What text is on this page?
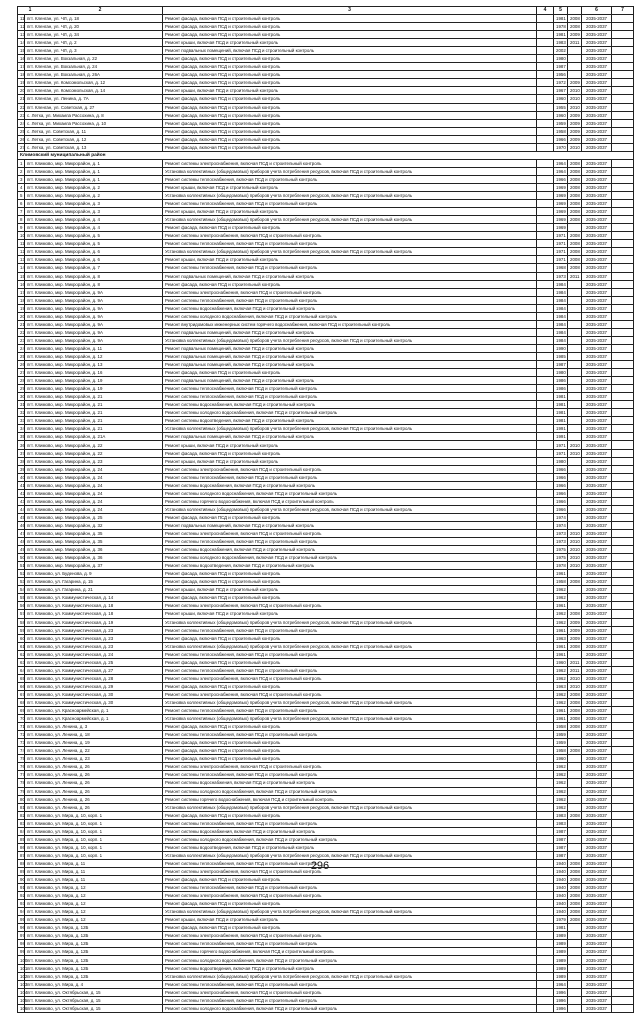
1 2		3	4	5		6	7
11	пгт. Кленган, ул. ЧЛ, д. 18	Ремонт фасада, включая ПСД и строительный контроль		1981	2008	2035-2037	
12	пгт. Кленган, ул. ЧЛ, д. 20	Ремонт фасада, включая ПСД и строительный контроль		1978	2008	2035-2037	
13	пгт. Кленган, ул. ЧЛ, д. 34	Ремонт фасада, включая ПСД и строительный контроль		1981	2009	2035-2037	
14	пгт. Кленган, ул. ЧЛ, д. 2	Ремонт крыши, включая ПСД и строительный контроль		1983	2011	2035-2037	
15	пгт. Кленган, ул. ЧЛ, д. 3	Ремонт подвальных помещений, включая ПСД и строительный контроль		2002		2035-2037	
16	пгт. Кленган, ул. Вокзальная, д. 22	Ремонт фасада, включая ПСД и строительный контроль		1980		2035-2037	
17	пгт. Кленган, ул. Вокзальная, д. 24	Ремонт фасада, включая ПСД и строительный контроль		1987		2035-2037	
18	пгт. Кленган, ул. Вокзальная, д. 26А	Ремонт фасада, включая ПСД и строительный контроль		1956		2035-2037	
19	пгт. Кленган, ул. Комсомольская, д. 12	Ремонт фасада, включая ПСД и строительный контроль		1972	2009	2035-2037	
20	пгт. Кленган, ул. Комсомольская, д. 14	Ремонт крыши, включая ПСД и строительный контроль		1967	2010	2035-2037	
21	пгт. Кленган, ул. Ленина, д. 7А	Ремонт фасада, включая ПСД и строительный контроль		1960	2010	2035-2037	
22	пгт. Кленган, ул. Советская, д. 27	Ремонт фасада, включая ПСД и строительный контроль		1955	2010	2035-2037	
23	с. Летка, ул. Михаила Рассохина, д. 8	Ремонт фасада, включая ПСД и строительный контроль		1960	2009	2035-2037	
24	с. Летка, ул. Михаила Рассохина, д. 10	Ремонт фасада, включая ПСД и строительный контроль		1959	2009	2035-2037	
25	с. Летка, ул. Советская, д. 11	Ремонт фасада, включая ПСД и строительный контроль		1958	2009	2035-2037	
26	с. Летка, ул. Советская, д. 12	Ремонт фасада, включая ПСД и строительный контроль		1966	2009	2035-2037	
27	с. Летка, ул. Советская, д. 13	Ремонт фасада, включая ПСД и строительный контроль		1970	2010	2035-2037	
Климовский муниципальный район							
1	пгт. Климово, мкр. Микрорайон, д. 1	Ремонт системы электроснабжения, включая ПСД и строительный контроль		1964	2008	2035-2037	
2	пгт. Климово, мкр. Микрорайон, д. 1	Установка коллективных (общедомовых) приборов учета потребления ресурсов, включая ПСД и строительный контроль		1964	2008	2035-2037	
3	пгт. Климово, мкр. Микрорайон, д. 1	Ремонт системы теплоснабжения, включая ПСД и строительный контроль		1966	2008	2035-2037	
4	пгт. Климово, мкр. Микрорайон, д. 2	Ремонт крыши, включая ПСД и строительный контроль		1969	2008	2035-2037	
5	пгт. Климово, мкр. Микрорайон, д. 2	Установка коллективных (общедомовых) приборов учета потребления ресурсов, включая ПСД и строительный контроль		1969	2008	2035-2037	
6	пгт. Климово, мкр. Микрорайон, д. 3	Ремонт системы теплоснабжения, включая ПСД и строительный контроль		1969	2008	2035-2037	
7	пгт. Климово, мкр. Микрорайон, д. 3	Ремонт крыши, включая ПСД и строительный контроль		1969	2008	2035-2037	
8	пгт. Климово, мкр. Микрорайон, д. 4	Установка коллективных (общедомовых) приборов учета потребления ресурсов, включая ПСД и строительный контроль		1969	2008	2035-2037	
9	пгт. Климово, мкр. Микрорайон, д. 4	Ремонт фасада, включая ПСД и строительный контроль		1969		2035-2037	
10	пгт. Климово, мкр. Микрорайон, д. 5	Ремонт системы электроснабжения, включая ПСД и строительный контроль		1971	2008	2035-2037	
11	пгт. Климово, мкр. Микрорайон, д. 5	Ремонт системы теплоснабжения, включая ПСД и строительный контроль		1971	2008	2035-2037	
12	пгт. Климово, мкр. Микрорайон, д. 6	Установка коллективных (общедомовых) приборов учета потребления ресурсов, включая ПСД и строительный контроль		1971	2008	2035-2037	
13	пгт. Климово, мкр. Микрорайон, д. 6	Ремонт крыши, включая ПСД и строительный контроль		1971	2008	2035-2037	
14	пгт. Климово, мкр. Микрорайон, д. 7	Ремонт системы теплоснабжения, включая ПСД и строительный контроль		1968	2008	2035-2037	
15	пгт. Климово, мкр. Микрорайон, д. 8	Ремонт подвальных помещений, включая ПСД и строительный контроль		1973	2011	2035-2037	
16	пгт. Климово, мкр. Микрорайон, д. 8	Ремонт фасада, включая ПСД и строительный контроль		1984		2035-2037	
17	пгт. Климово, мкр. Микрорайон, д. 9А	Ремонт системы электроснабжения, включая ПСД и строительный контроль		1984		2035-2037	
18	пгт. Климово, мкр. Микрорайон, д. 9А	Ремонт системы теплоснабжения, включая ПСД и строительный контроль		1984		2035-2037	
19	пгт. Климово, мкр. Микрорайон, д. 9А	Ремонт системы водоснабжения, включая ПСД и строительный контроль		1984		2035-2037	
20	пгт. Климово, мкр. Микрорайон, д. 9А	Ремонт системы холодного водоснабжения, включая ПСД и строительный контроль		1984		2035-2037	
21	пгт. Климово, мкр. Микрорайон, д. 9А	Ремонт внутридомовых инженерных систем горячего водоснабжения, включая ПСД и строительный контроль		1984		2035-2037	
22	пгт. Климово, мкр. Микрорайон, д. 9А	Ремонт подвальных помещений, включая ПСД и строительный контроль		1984		2035-2037	
23	пгт. Климово, мкр. Микрорайон, д. 9А	Установка коллективных (общедомовых) приборов учета потребления ресурсов, включая ПСД и строительный контроль		1984		2035-2037	
24	пгт. Климово, мкр. Микрорайон, д. 11	Ремонт подвальных помещений, включая ПСД и строительный контроль		1990		2035-2037	
25	пгт. Климово, мкр. Микрорайон, д. 12	Ремонт подвальных помещений, включая ПСД и строительный контроль		1985		2035-2037	
26	пгт. Климово, мкр. Микрорайон, д. 13	Ремонт подвальных помещений, включая ПСД и строительный контроль		1987		2035-2037	
27	пгт. Климово, мкр. Микрорайон, д. 16	Ремонт фасада, включая ПСД и строительный контроль		1980		2035-2037	
28	пгт. Климово, мкр. Микрорайон, д. 19	Ремонт подвальных помещений, включая ПСД и строительный контроль		1986		2035-2037	
29	пгт. Климово, мкр. Микрорайон, д. 19	Ремонт системы теплоснабжения, включая ПСД и строительный контроль		1986		2035-2037	
30	пгт. Климово, мкр. Микрорайон, д. 21	Ремонт системы теплоснабжения, включая ПСД и строительный контроль		1981		2035-2037	
31	пгт. Климово, мкр. Микрорайон, д. 21	Ремонт системы водоснабжения, включая ПСД и строительный контроль		1981		2035-2037	
32	пгт. Климово, мкр. Микрорайон, д. 21	Ремонт системы холодного водоснабжения, включая ПСД и строительный контроль		1981		2035-2037	
33	пгт. Климово, мкр. Микрорайон, д. 21	Ремонт системы водоотведения, включая ПСД и строительный контроль		1981		2035-2037	
34	пгт. Климово, мкр. Микрорайон, д. 21	Установка коллективных (общедомовых) приборов учета потребления ресурсов, включая ПСД и строительный контроль		1991		2035-2037	
35	пгт. Климово, мкр. Микрорайон, д. 21А	Ремонт подвальных помещений, включая ПСД и строительный контроль		1991		2035-2037	
36	пгт. Климово, мкр. Микрорайон, д. 22	Ремонт крыши, включая ПСД и строительный контроль		1971	2010	2035-2037	
37	пгт. Климово, мкр. Микрорайон, д. 22	Ремонт фасада, включая ПСД и строительный контроль		1971	2010	2035-2037	
38	пгт. Климово, мкр. Микрорайон, д. 23	Ремонт крыши, включая ПСД и строительный контроль		1980		2035-2037	
39	пгт. Климово, мкр. Микрорайон, д. 24	Ремонт системы электроснабжения, включая ПСД и строительный контроль		1966		2035-2037	
40	пгт. Климово, мкр. Микрорайон, д. 24	Ремонт системы теплоснабжения, включая ПСД и строительный контроль		1966		2035-2037	
41	пгт. Климово, мкр. Микрорайон, д. 24	Ремонт системы водоснабжения, включая ПСД и строительный контроль		1966		2035-2037	
42	пгт. Климово, мкр. Микрорайон, д. 24	Ремонт системы холодного водоснабжения, включая ПСД и строительный контроль		1966		2035-2037	
43	пгт. Климово, мкр. Микрорайон, д. 24	Ремонт системы горячего водоснабжения, включая ПСД и строительный контроль		1966		2035-2037	
44	пгт. Климово, мкр. Микрорайон, д. 24	Установка коллективных (общедомовых) приборов учета потребления ресурсов, включая ПСД и строительный контроль		1966		2035-2037	
45	пгт. Климово, мкр. Микрорайон, д. 25	Ремонт фасада, включая ПСД и строительный контроль		1974		2035-2037	
46	пгт. Климово, мкр. Микрорайон, д. 32	Ремонт подвальных помещений, включая ПСД и строительный контроль		1974		2035-2037	
47	пгт. Климово, мкр. Микрорайон, д. 35	Ремонт системы электроснабжения, включая ПСД и строительный контроль		1973	2010	2035-2037	
48	пгт. Климово, мкр. Микрорайон, д. 35	Ремонт системы теплоснабжения, включая ПСД и строительный контроль		1973	2010	2035-2037	
49	пгт. Климово, мкр. Микрорайон, д. 36	Ремонт системы водоснабжения, включая ПСД и строительный контроль		1975	2010	2035-2037	
50	пгт. Климово, мкр. Микрорайон, д. 36	Ремонт системы холодного водоснабжения, включая ПСД и строительный контроль		1975	2010	2035-2037	
51	пгт. Климово, мкр. Микрорайон, д. 37	Ремонт системы водоотведения, включая ПСД и строительный контроль		1978	2010	2035-2037	
52	пгт. Климово, ул. Буденова, д. 9	Ремонт фасада, включая ПСД и строительный контроль		1961		2035-2037	
53	пгт. Климово, ул. Гагарина, д. 15	Ремонт фасада, включая ПСД и строительный контроль		1958	2008	2035-2037	
54	пгт. Климово, ул. Гагарина, д. 21	Ремонт крыши, включая ПСД и строительный контроль		1962		2035-2037	
55	пгт. Климово, ул. Коммунистическая, д. 14	Ремонт фасада, включая ПСД и строительный контроль		1962		2035-2037	
56	пгт. Климово, ул. Коммунистическая, д. 18	Ремонт системы электроснабжения, включая ПСД и строительный контроль		1961		2035-2037	
57	пгт. Климово, ул. Коммунистическая, д. 18	Ремонт крыши, включая ПСД и строительный контроль		1962	2008	2035-2037	
58	пгт. Климово, ул. Коммунистическая, д. 19	Установка коллективных (общедомовых) приборов учета потребления ресурсов, включая ПСД и строительный контроль		1962	2009	2035-2037	
59	пгт. Климово, ул. Коммунистическая, д. 23	Ремонт системы теплоснабжения, включая ПСД и строительный контроль		1961	2009	2035-2037	
60	пгт. Климово, ул. Коммунистическая, д. 23	Ремонт фасада, включая ПСД и строительный контроль		1963	2009	2035-2037	
61	пгт. Климово, ул. Коммунистическая, д. 23	Установка коллективных (общедомовых) приборов учета потребления ресурсов, включая ПСД и строительный контроль		1961	2008	2035-2037	
62	пгт. Климово, ул. Коммунистическая, д. 24	Ремонт системы теплоснабжения, включая ПСД и строительный контроль		1961		2035-2037	
63	пгт. Климово, ул. Коммунистическая, д. 25	Ремонт фасада, включая ПСД и строительный контроль		1960	2011	2035-2037	
64	пгт. Климово, ул. Коммунистическая, д. 27	Ремонт системы теплоснабжения, включая ПСД и строительный контроль		1962	2011	2035-2037	
65	пгт. Климово, ул. Коммунистическая, д. 28	Ремонт системы электроснабжения, включая ПСД и строительный контроль		1962	2010	2035-2037	
66	пгт. Климово, ул. Коммунистическая, д. 29	Ремонт фасада, включая ПСД и строительный контроль		1963	2010	2035-2037	
67	пгт. Климово, ул. Коммунистическая, д. 30	Ремонт системы электроснабжения, включая ПСД и строительный контроль		1962	2008	2035-2037	
68	пгт. Климово, ул. Коммунистическая, д. 30	Установка коллективных (общедомовых) приборов учета потребления ресурсов, включая ПСД и строительный контроль		1962	2008	2035-2037	
69	пгт. Климово, ул. Красноармейская, д. 1	Ремонт системы теплоснабжения, включая ПСД и строительный контроль		1961	2008	2035-2037	
70	пгт. Климово, ул. Красноармейская, д. 1	Установка коллективных (общедомовых) приборов учета потребления ресурсов, включая ПСД и строительный контроль		1961	2008	2035-2037	
71	пгт. Климово, ул. Ленина, д. 3	Ремонт фасада, включая ПСД и строительный контроль		1958	2008	2035-2037	
72	пгт. Климово, ул. Ленина, д. 18	Ремонт системы теплоснабжения, включая ПСД и строительный контроль		1959		2035-2037	
73	пгт. Климово, ул. Ленина, д. 19	Ремонт фасада, включая ПСД и строительный контроль		1959		2035-2037	
74	пгт. Климово, ул. Ленина, д. 22	Ремонт фасада, включая ПСД и строительный контроль		1958	2008	2035-2037	
75	пгт. Климово, ул. Ленина, д. 23	Ремонт фасада, включая ПСД и строительный контроль		1960		2035-2037	
76	пгт. Климово, ул. Ленина, д. 26	Ремонт системы электроснабжения, включая ПСД и строительный контроль		1962		2035-2037	
77	пгт. Климово, ул. Ленина, д. 26	Ремонт системы теплоснабжения, включая ПСД и строительный контроль		1962		2035-2037	
78	пгт. Климово, ул. Ленина, д. 26	Ремонт системы водоснабжения, включая ПСД и строительный контроль		1962		2035-2037	
79	пгт. Климово, ул. Ленина, д. 26	Ремонт системы холодного водоснабжения, включая ПСД и строительный контроль		1962		2035-2037	
80	пгт. Климово, ул. Ленина, д. 26	Ремонт системы горячего водоснабжения, включая ПСД и строительный контроль		1962		2035-2037	
81	пгт. Климово, ул. Ленина, д. 26	Установка коллективных (общедомовых) приборов учета потребления ресурсов, включая ПСД и строительный контроль		1962		2035-2037	
82	пгт. Климово, ул. Мира, д. 10, корп. 1	Ремонт фасада, включая ПСД и строительный контроль		1983	2008	2035-2037	
83	пгт. Климово, ул. Мира, д. 10, корп. 1	Ремонт системы теплоснабжения, включая ПСД и строительный контроль		1983		2035-2037	
84	пгт. Климово, ул. Мира, д. 10, корп. 1	Ремонт системы водоснабжения, включая ПСД и строительный контроль		1987		2035-2037	
85	пгт. Климово, ул. Мира, д. 10, корп. 1	Ремонт системы холодного водоснабжения, включая ПСД и строительный контроль		1987		2035-2037	
86	пгт. Климово, ул. Мира, д. 10, корп. 1	Ремонт системы водоотведения, включая ПСД и строительный контроль		1987		2035-2037	
87	пгт. Климово, ул. Мира, д. 10, корп. 1	Установка коллективных (общедомовых) приборов учета потребления ресурсов, включая ПСД и строительный контроль		1987		2035-2037	
88	пгт. Климово, ул. Мира, д. 11	Ремонт системы теплоснабжения, включая ПСД и строительный контроль		1940	2008	2035-2037	
89	пгт. Климово, ул. Мира, д. 11	Ремонт системы электроснабжения, включая ПСД и строительный контроль		1940	2008	2035-2037	
90	пгт. Климово, ул. Мира, д. 11	Ремонт фасада, включая ПСД и строительный контроль		1940	2008	2035-2037	
91	пгт. Климово, ул. Мира, д. 12	Ремонт системы теплоснабжения, включая ПСД и строительный контроль		1940	2008	2035-2037	
92	пгт. Климово, ул. Мира, д. 12	Ремонт системы электроснабжения, включая ПСД и строительный контроль		1940	2008	2035-2037	
93	пгт. Климово, ул. Мира, д. 12	Ремонт фасада, включая ПСД и строительный контроль		1940	2008	2035-2037	
94	пгт. Климово, ул. Мира, д. 12	Установка коллективных (общедомовых) приборов учета потребления ресурсов, включая ПСД и строительный контроль		1940	2008	2035-2037	
95	пгт. Климово, ул. Мира, д. 12	Ремонт крыши, включая ПСД и строительный контроль		1979	2008	2035-2037	
96	пгт. Климово, ул. Мира, д. 12Б	Ремонт фасада, включая ПСД и строительный контроль		1981		2035-2037	
97	пгт. Климово, ул. Мира, д. 12Б	Ремонт системы электроснабжения, включая ПСД и строительный контроль		1989		2035-2037	
98	пгт. Климово, ул. Мира, д. 12Б	Ремонт системы теплоснабжения, включая ПСД и строительный контроль		1989		2035-2037	
99	пгт. Климово, ул. Мира, д. 12Б	Ремонт системы горячего водоснабжения, включая ПСД и строительный контроль		1989		2035-2037	
100	пгт. Климово, ул. Мира, д. 12Б	Ремонт системы холодного водоснабжения, включая ПСД и строительный контроль		1989		2035-2037	
101	пгт. Климово, ул. Мира, д. 12Б	Ремонт системы водоотведения, включая ПСД и строительный контроль		1989		2035-2037	
102	пгт. Климово, ул. Мира, д. 12Б	Установка коллективных (общедомовых) приборов учета потребления ресурсов, включая ПСД и строительный контроль		1989		2035-2037	
103	пгт. Климово, ул. Мира, д. 4	Ремонт системы теплоснабжения, включая ПСД и строительный контроль		1964		2035-2037	
104	пгт. Климово, ул. Октябрьская, д. 15	Ремонт системы электроснабжения, включая ПСД и строительный контроль		1996		2035-2037	
105	пгт. Климово, ул. Октябрьская, д. 15	Ремонт системы теплоснабжения, включая ПСД и строительный контроль		1996		2035-2037	
106	пгт. Климово, ул. Октябрьская, д. 15	Ремонт системы холодного водоснабжения, включая ПСД и строительный контроль		1996		2035-2037	
296
